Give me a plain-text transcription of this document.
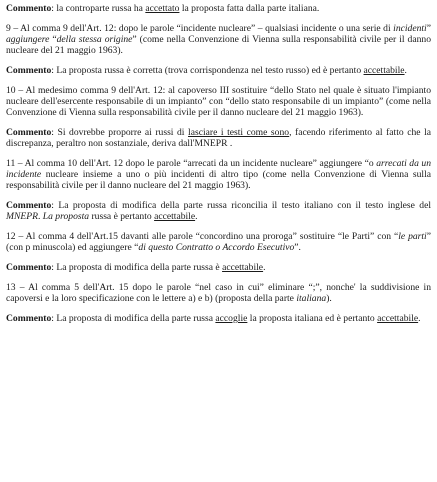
Commento: la controparte russa ha accettato la proposta fatta dalla parte italiana.

9 – Al comma 9 dell'Art. 12: dopo le parole “incidente nucleare” – qualsiasi incidente o una serie di incidenti” aggiungere “della stessa origine” (come nella Convenzione di Vienna sulla responsabilità civile per il danno nucleare del 21 maggio 1963).

Commento: La proposta russa è corretta (trova corrispondenza nel testo russo) ed è pertanto accettabile.

10 – Al medesimo comma 9 dell'Art. 12: al capoverso III sostituire “dello Stato nel quale è situato l'impianto nucleare dell'esercente responsabile di un impianto” con “dello stato responsabile di un impianto” (come nella Convenzione di Vienna sulla responsabilità civile per il danno nucleare del 21 maggio 1963).

Commento: Si dovrebbe proporre ai russi di lasciare i testi come sono, facendo riferimento al fatto che la discrepanza, peraltro non sostanziale, deriva dall'MNEPR .

11 – Al comma 10 dell'Art. 12 dopo le parole “arrecati da un incidente nucleare” aggiungere “o arrecati da un incidente nucleare insieme a uno o più incidenti di altro tipo (come nella Convenzione di Vienna sulla responsabilità civile per il danno nucleare del 21 maggio 1963).

Commento: La proposta di modifica della parte russa riconcilia il testo italiano con il testo inglese del MNEPR. La proposta russa è pertanto accettabile.

12 – Al comma 4 dell'Art.15 davanti alle parole “concordino una proroga” sostituire “le Parti” con “le parti” (con p minuscola) ed aggiungere “di questo Contratto o Accordo Esecutivo”.

Commento: La proposta di modifica della parte russa è accettabile.

13 – Al comma 5 dell'Art. 15 dopo le parole “nel caso in cui” eliminare “;”, nonche' la suddivisione in capoversi e la loro specificazione con le lettere a) e b) (proposta della parte italiana).

Commento: La proposta di modifica della parte russa accoglie la proposta italiana ed è pertanto accettabile.
